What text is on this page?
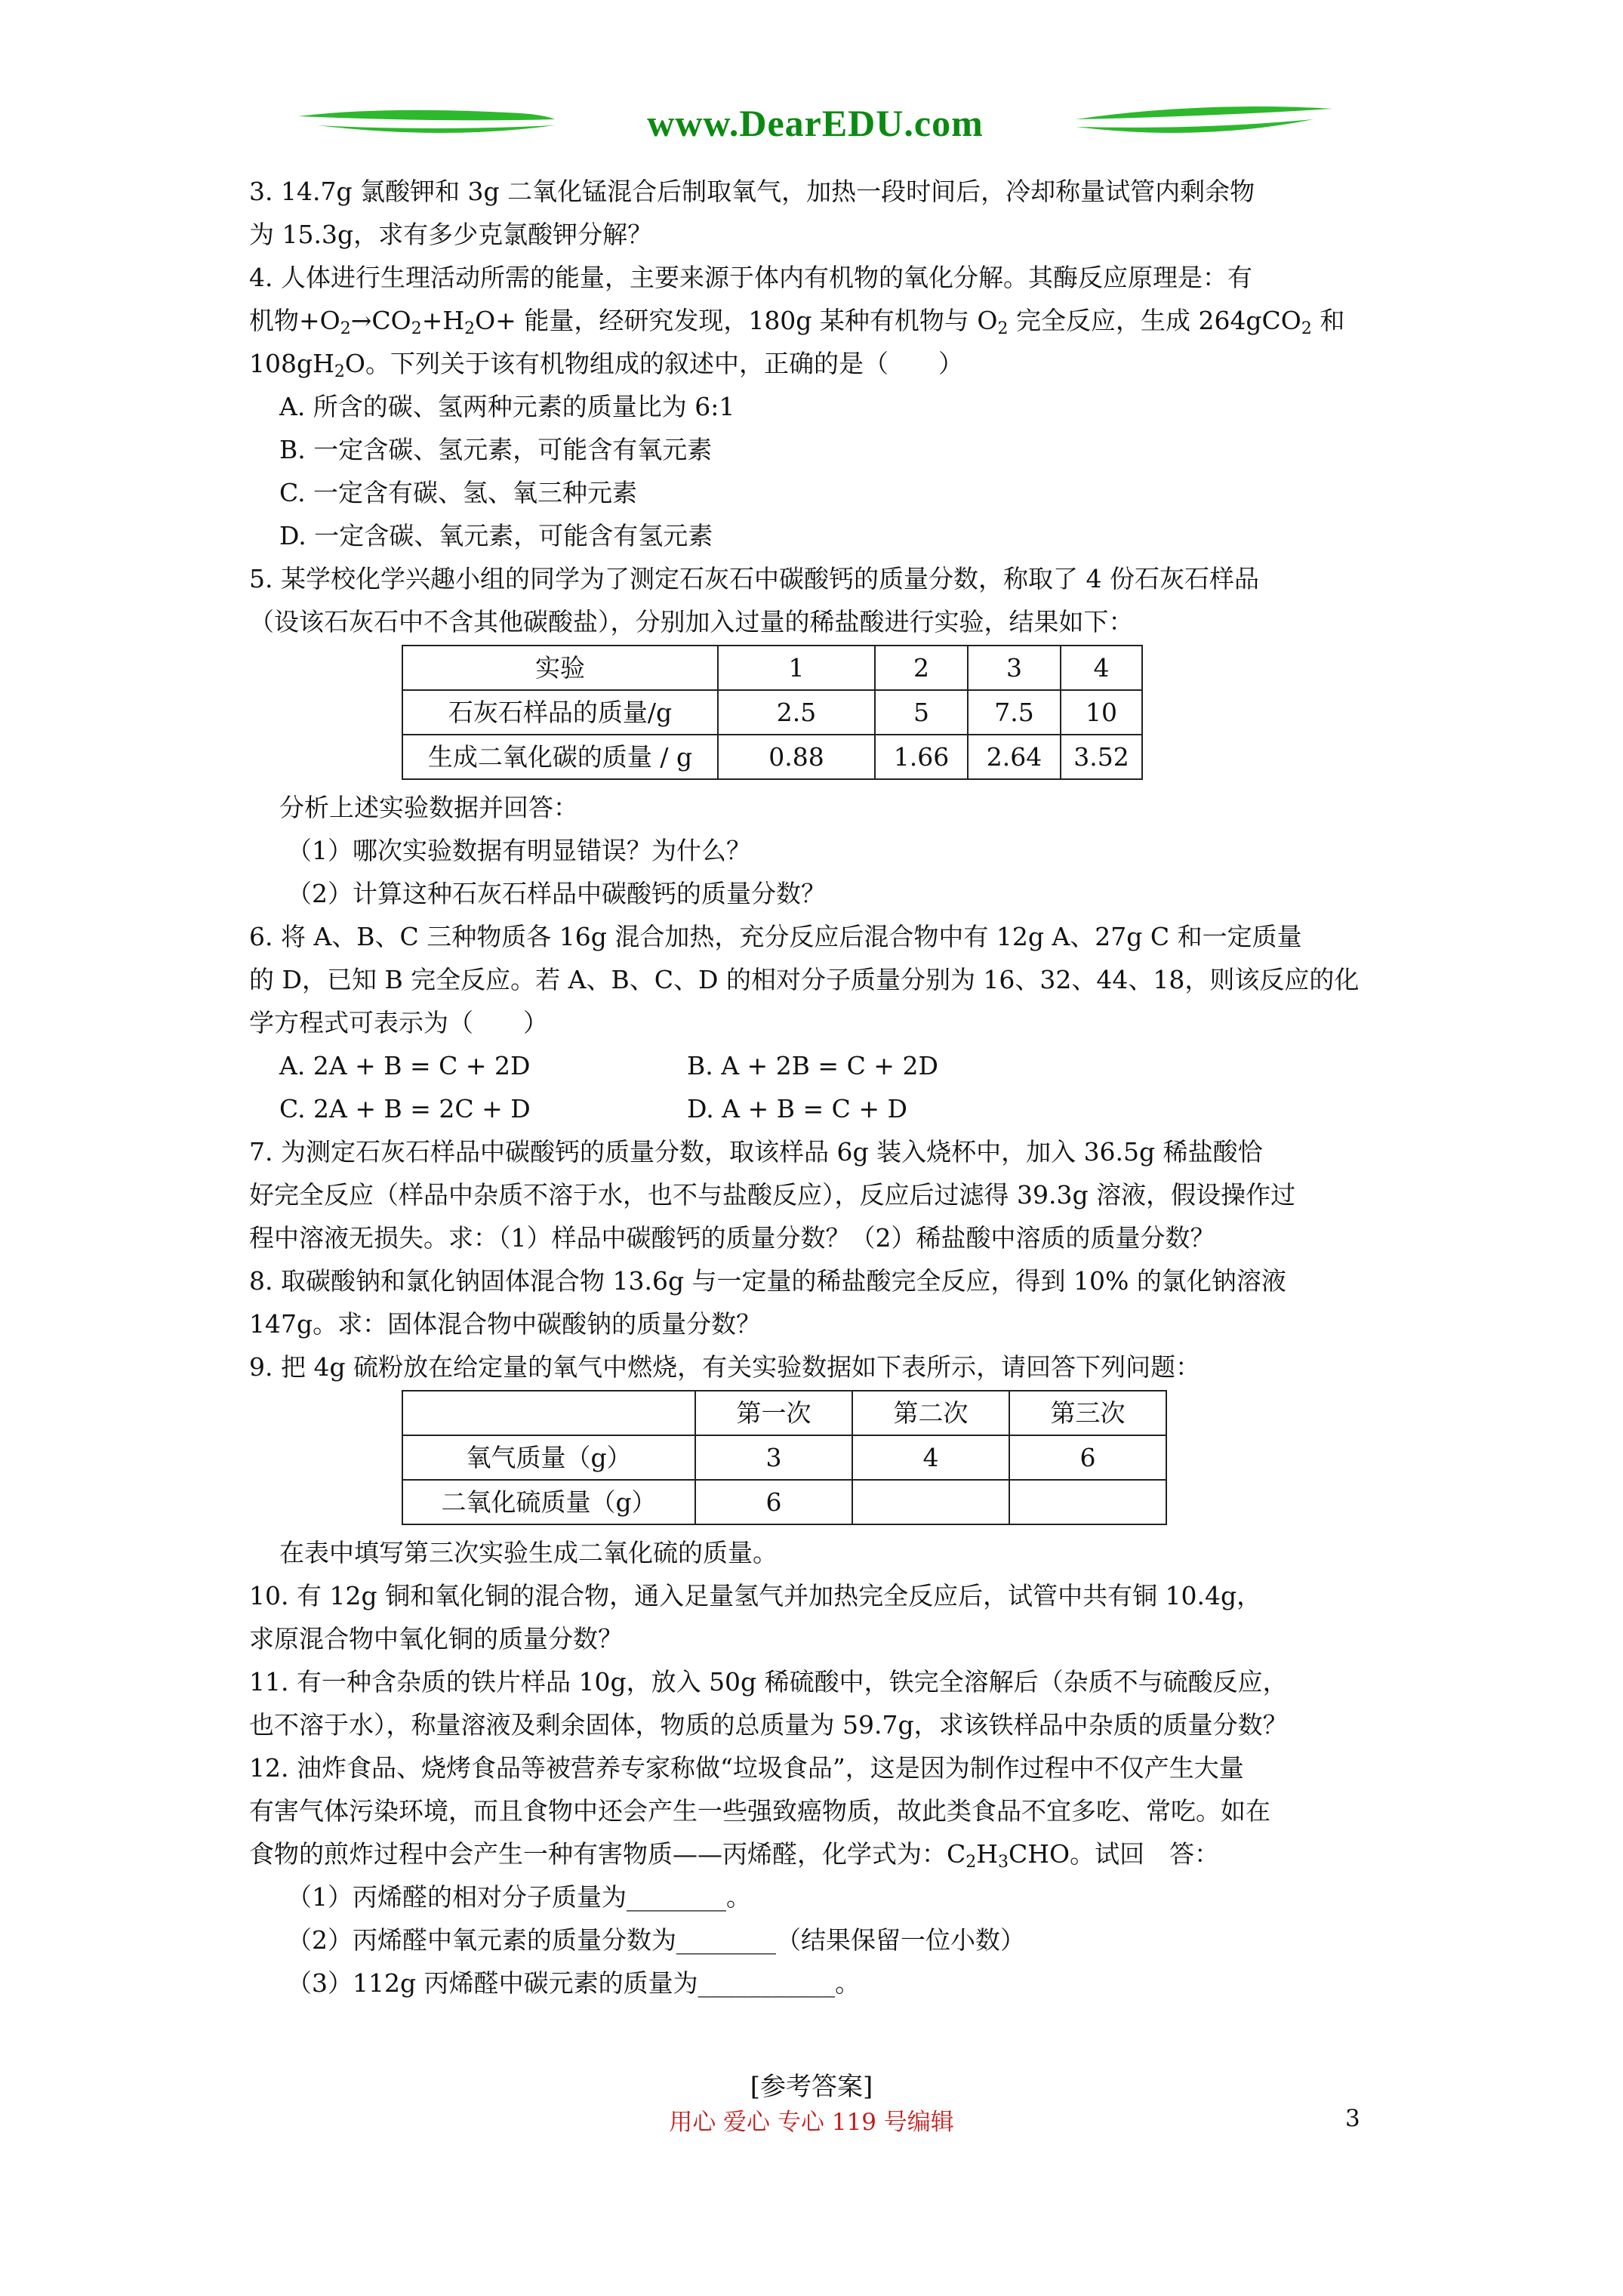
www.DearEDU.com

3. 14.7g 氯酸钾和 3g 二氧化锰混合后制取氧气，加热一段时间后，冷却称量试管内剩余物

为 15.3g，求有多少克氯酸钾分解？

4. 人体进行生理活动所需的能量，主要来源于体内有机物的氧化分解。其酶反应原理是：有

机物$+O_2\to CO_2+H_2O+$ 能量，经研究发现，180g 某种有机物与 $O_2$ 完全反应，生成 264gCO$_2$ 和

$108gH_2O$。下列关于该有机物组成的叙述中，正确的是（　　）

A. 所含的碳、氢两种元素的质量比为 6:1

B. 一定含碳、氢元素，可能含有氧元素

C. 一定含有碳、氢、氧三种元素

D. 一定含碳、氧元素，可能含有氢元素

5. 某学校化学兴趣小组的同学为了测定石灰石中碳酸钙的质量分数，称取了 4 份石灰石样品

（设该石灰石中不含其他碳酸盐），分别加入过量的稀盐酸进行实验，结果如下：

实验	1	2	3	4
石灰石样品的质量/g	2.5	5	7.5	10
生成二氧化碳的质量 / g	0.88	1.66	2.64	3.52

分析上述实验数据并回答：

（1）哪次实验数据有明显错误？为什么？

（2）计算这种石灰石样品中碳酸钙的质量分数？

6. 将 A、B、C 三种物质各 16g 混合加热，充分反应后混合物中有 12g A、27g C 和一定质量

的 D，已知 B 完全反应。若 A、B、C、D 的相对分子质量分别为 16、32、44、18，则该反应的化

学方程式可表示为（　　）

A. 2A + B = C + 2D	B. A + 2B = C + 2D
C. 2A + B = 2C + D	D. A + B = C + D

7. 为测定石灰石样品中碳酸钙的质量分数，取该样品 6g 装入烧杯中，加入 36.5g 稀盐酸恰

好完全反应（样品中杂质不溶于水，也不与盐酸反应），反应后过滤得 39.3g 溶液，假设操作过

程中溶液无损失。求：（1）样品中碳酸钙的质量分数？（2）稀盐酸中溶质的质量分数？

8. 取碳酸钠和氯化钠固体混合物 13.6g 与一定量的稀盐酸完全反应，得到 10% 的氯化钠溶液

147g。求：固体混合物中碳酸钠的质量分数？

9. 把 4g 硫粉放在给定量的氧气中燃烧，有关实验数据如下表所示，请回答下列问题：

	第一次	第二次	第三次
氧气质量（g）	3	4	6
二氧化硫质量（g）	6		

在表中填写第三次实验生成二氧化硫的质量。

10. 有 12g 铜和氧化铜的混合物，通入足量氢气并加热完全反应后，试管中共有铜 10.4g，

求原混合物中氧化铜的质量分数？

11. 有一种含杂质的铁片样品 10g，放入 50g 稀硫酸中，铁完全溶解后（杂质不与硫酸反应，

也不溶于水），称量溶液及剩余固体，物质的总质量为 59.7g，求该铁样品中杂质的质量分数？

12. 油炸食品、烧烤食品等被营养专家称做“垃圾食品”，这是因为制作过程中不仅产生大量

有害气体污染环境，而且食物中还会产生一些强致癌物质，故此类食品不宜多吃、常吃。如在

食物的煎炸过程中会产生一种有害物质——丙烯醛，化学式为：$C_2H_3CHO$。试回　答：

（1）丙烯醛的相对分子质量为________。

（2）丙烯醛中氧元素的质量分数为________（结果保留一位小数）

（3）112g 丙烯醛中碳元素的质量为___________。

[参考答案]
用心 爱心 专心 119 号编辑	3
